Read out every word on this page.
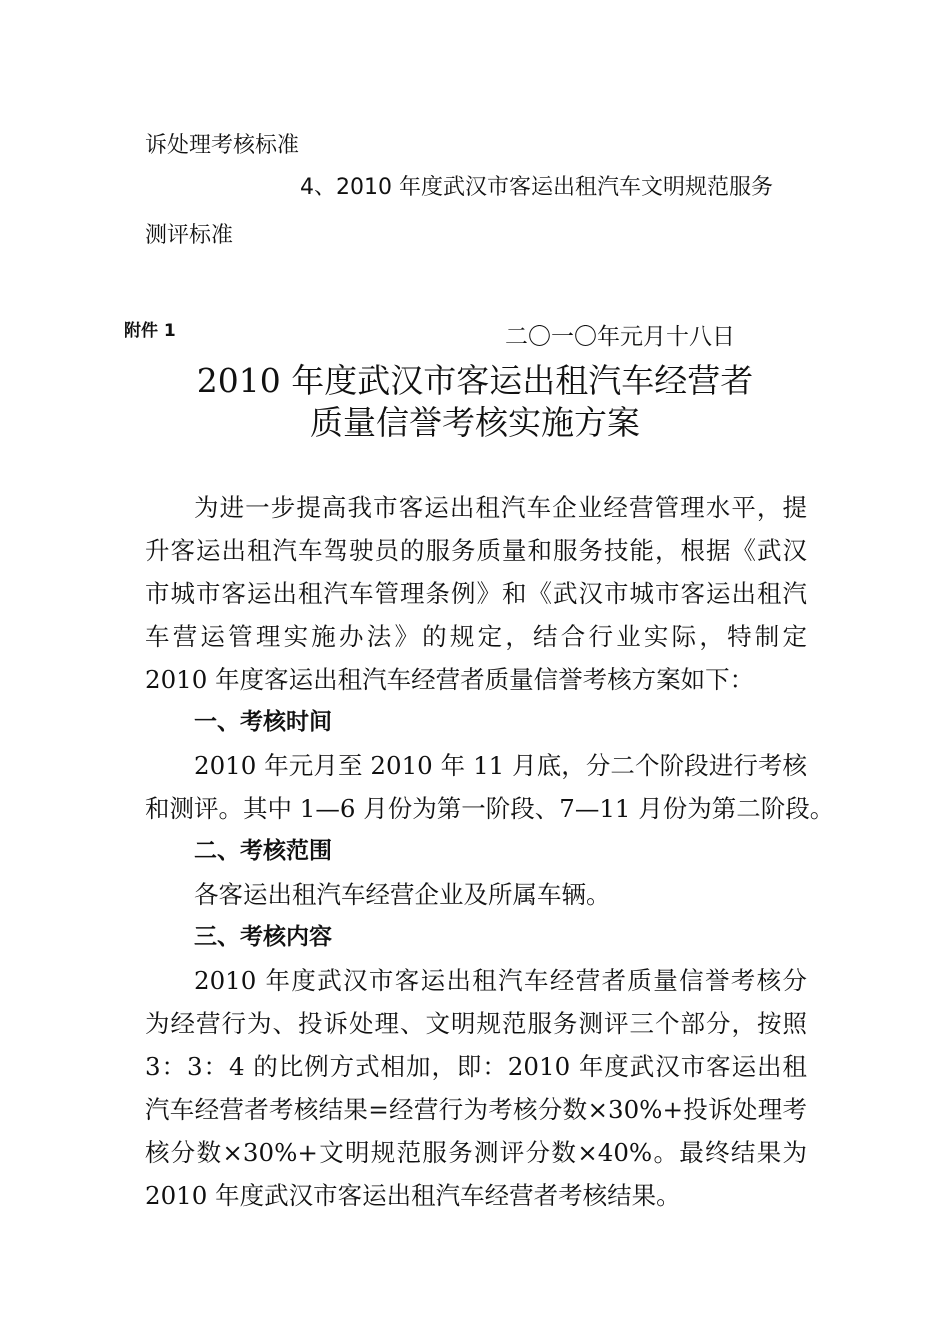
诉处理考核标准
4、2010 年度武汉市客运出租汽车文明规范服务
测评标准
附件 1	二〇一〇年元月十八日
2010 年度武汉市客运出租汽车经营者
质量信誉考核实施方案
为进一步提高我市客运出租汽车企业经营管理水平，提
升客运出租汽车驾驶员的服务质量和服务技能，根据《武汉
市城市客运出租汽车管理条例》和《武汉市城市客运出租汽
车营运管理实施办法》的规定，结合行业实际，特制定
2010 年度客运出租汽车经营者质量信誉考核方案如下：
一、考核时间
2010 年元月至 2010 年 11 月底，分二个阶段进行考核
和测评。其中 1—6 月份为第一阶段、7—11 月份为第二阶段。
二、考核范围
各客运出租汽车经营企业及所属车辆。
三、考核内容
2010 年度武汉市客运出租汽车经营者质量信誉考核分
为经营行为、投诉处理、文明规范服务测评三个部分，按照
3：3：4 的比例方式相加，即：2010 年度武汉市客运出租
汽车经营者考核结果=经营行为考核分数×30%+投诉处理考
核分数×30%+文明规范服务测评分数×40%。最终结果为
2010 年度武汉市客运出租汽车经营者考核结果。
